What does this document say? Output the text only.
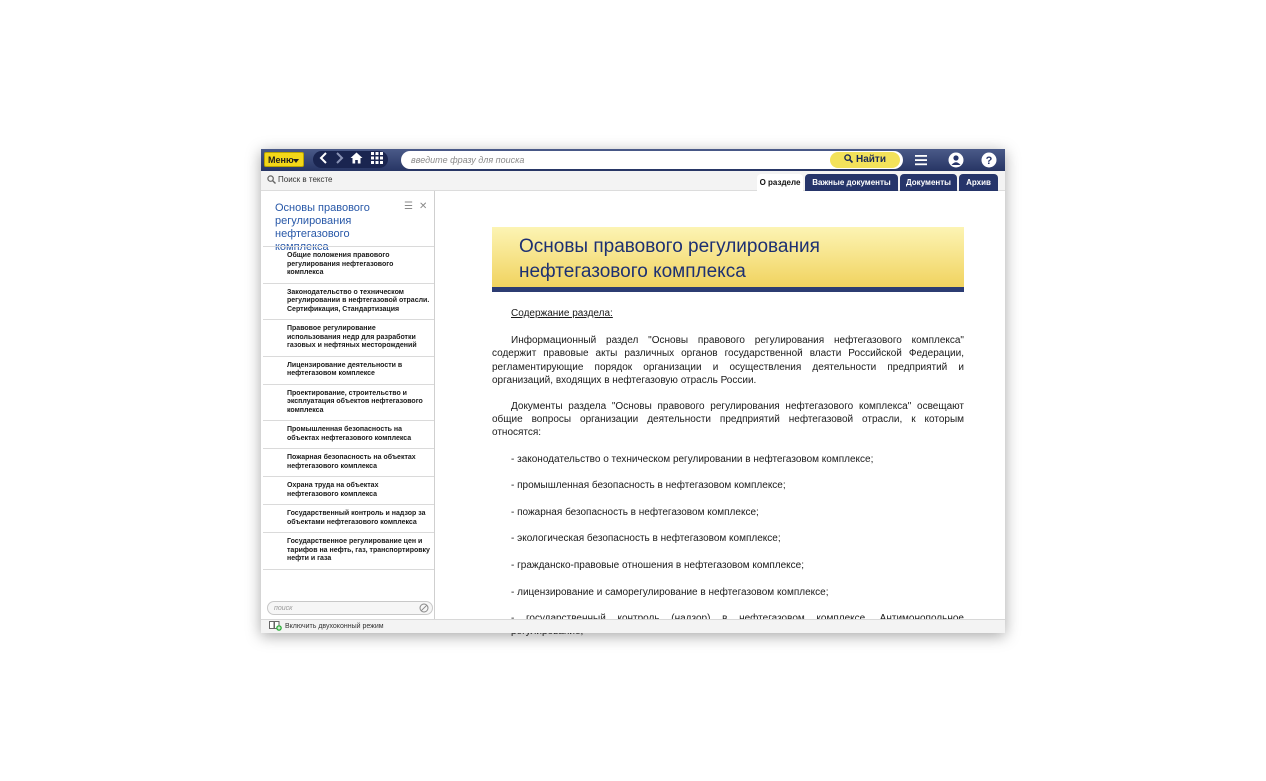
Меню
введите фразу для поиска	Найти	?
Поиск в тексте	О разделе	Важные документы	Документы	Архив
Основы правового регулирования нефтегазового комплекса
☰ ✕
Общие положения правового регулирования нефтегазового комплекса
Законодательство о техническом регулировании в нефтегазовой отрасли. Сертификация, Стандартизация
Правовое регулирование использования недр для разработки газовых и нефтяных месторождений
Лицензирование деятельности в нефтегазовом комплексе
Проектирование, строительство и эксплуатация объектов нефтегазового комплекса
Промышленная безопасность на объектах нефтегазового комплекса
Пожарная безопасность на объектах нефтегазового комплекса
Охрана труда на объектах нефтегазового комплекса
Государственный контроль и надзор за объектами нефтегазового комплекса
Государственное регулирование цен и тарифов на нефть, газ, транспортировку нефти и газа
поиск
Основы правового регулирования нефтегазового комплекса

Содержание раздела:

Информационный раздел "Основы правового регулирования нефтегазового комплекса" содержит правовые акты различных органов государственной власти Российской Федерации, регламентирующие порядок организации и осуществления деятельности предприятий и организаций, входящих в нефтегазовую отрасль России.

Документы раздела "Основы правового регулирования нефтегазового комплекса" освещают общие вопросы организации деятельности предприятий нефтегазовой отрасли, к которым относятся:

- законодательство о техническом регулировании в нефтегазовом комплексе;

- промышленная безопасность в нефтегазовом комплексе;

- пожарная безопасность в нефтегазовом комплексе;

- экологическая безопасность в нефтегазовом комплексе;

- гражданско-правовые отношения в нефтегазовом комплексе;

- лицензирование и саморегулирование в нефтегазовом комплексе;

Включить двухоконный режим
